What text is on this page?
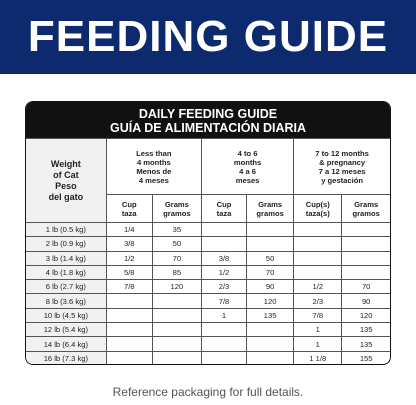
FEEDING GUIDE
DAILY FEEDING GUIDE
GUÍA DE ALIMENTACIÓN DIARIA
Weight
of Cat
Peso
del gato	Less than
4 months
Menos de
4 meses		4 to 6
months
4 a 6
meses		7 to 12 months
& pregnancy
7 a 12 meses
y gestación	
	Cup
taza	Grams
gramos	Cup
taza	Grams
gramos	Cup(s)
taza(s)	Grams
gramos
1 lb (0.5 kg)	1/4	35				
2 lb (0.9 kg)	3/8	50				
3 lb (1.4 kg)	1/2	70	3/8	50		
4 lb (1.8 kg)	5/8	85	1/2	70		
6 lb (2.7 kg)	7/8	120	2/3	90	1/2	70
8 lb (3.6 kg)			7/8	120	2/3	90
10 lb (4.5 kg)			1	135	7/8	120
12 lb (5.4 kg)					1	135
14 lb (6.4 kg)					1	135
16 lb (7.3 kg)					1 1/8	155
Reference packaging for full details.
